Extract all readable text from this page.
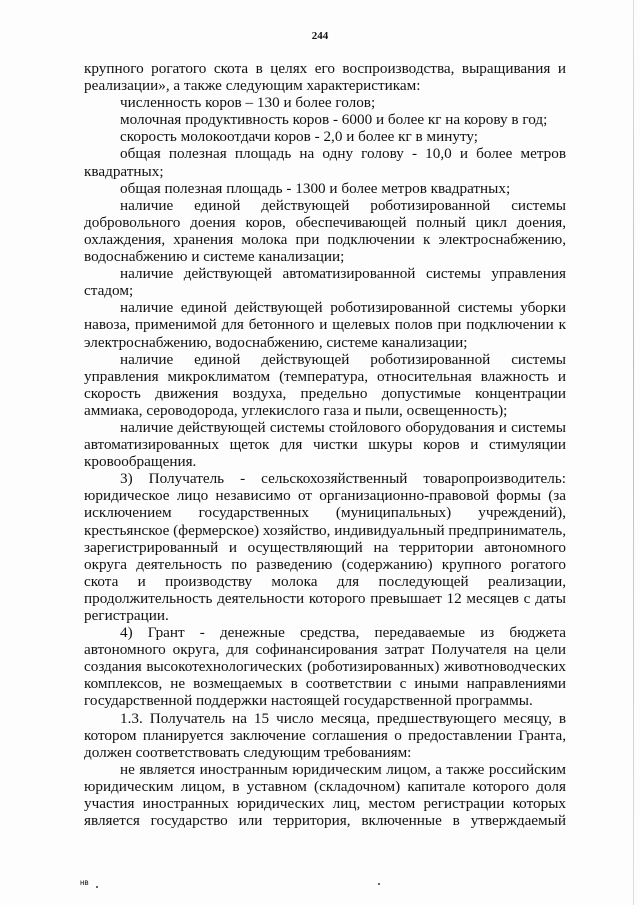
244

крупного рогатого скота в целях его воспроизводства, выращивания и реализации», а также следующим характеристикам:

численность коров – 130 и более голов;

молочная продуктивность коров - 6000 и более кг на корову в год;

скорость молокоотдачи коров - 2,0 и более кг в минуту;

общая полезная площадь на одну голову - 10,0 и более метров квадратных;

общая полезная площадь - 1300 и более метров квадратных;

наличие единой действующей роботизированной системы добровольного доения коров, обеспечивающей полный цикл доения, охлаждения, хранения молока при подключении к электроснабжению, водоснабжению и системе канализации;

наличие действующей автоматизированной системы управления стадом;

наличие единой действующей роботизированной системы уборки навоза, применимой для бетонного и щелевых полов при подключении к электроснабжению, водоснабжению, системе канализации;

наличие единой действующей роботизированной системы управления микроклиматом (температура, относительная влажность и скорость движения воздуха, предельно допустимые концентрации аммиака, сероводорода, углекислого газа и пыли, освещенность);

наличие действующей системы стойлового оборудования и системы автоматизированных щеток для чистки шкуры коров и стимуляции кровообращения.

3) Получатель - сельскохозяйственный товаропроизводитель: юридическое лицо независимо от организационно-правовой формы (за исключением государственных (муниципальных) учреждений), крестьянское (фермерское) хозяйство, индивидуальный предприниматель, зарегистрированный и осуществляющий на территории автономного округа деятельность по разведению (содержанию) крупного рогатого скота и производству молока для последующей реализации, продолжительность деятельности которого превышает 12 месяцев с даты регистрации.

4) Грант - денежные средства, передаваемые из бюджета автономного округа, для софинансирования затрат Получателя на цели создания высокотехнологических (роботизированных) животноводческих комплексов, не возмещаемых в соответствии с иными направлениями государственной поддержки настоящей государственной программы.

1.3. Получатель на 15 число месяца, предшествующего месяцу, в котором планируется заключение соглашения о предоставлении Гранта, должен соответствовать следующим требованиям:

не является иностранным юридическим лицом, а также российским юридическим лицом, в уставном (складочном) капитале которого доля участия иностранных юридических лиц, местом регистрации которых является государство или территория, включенные в утверждаемый

нв
